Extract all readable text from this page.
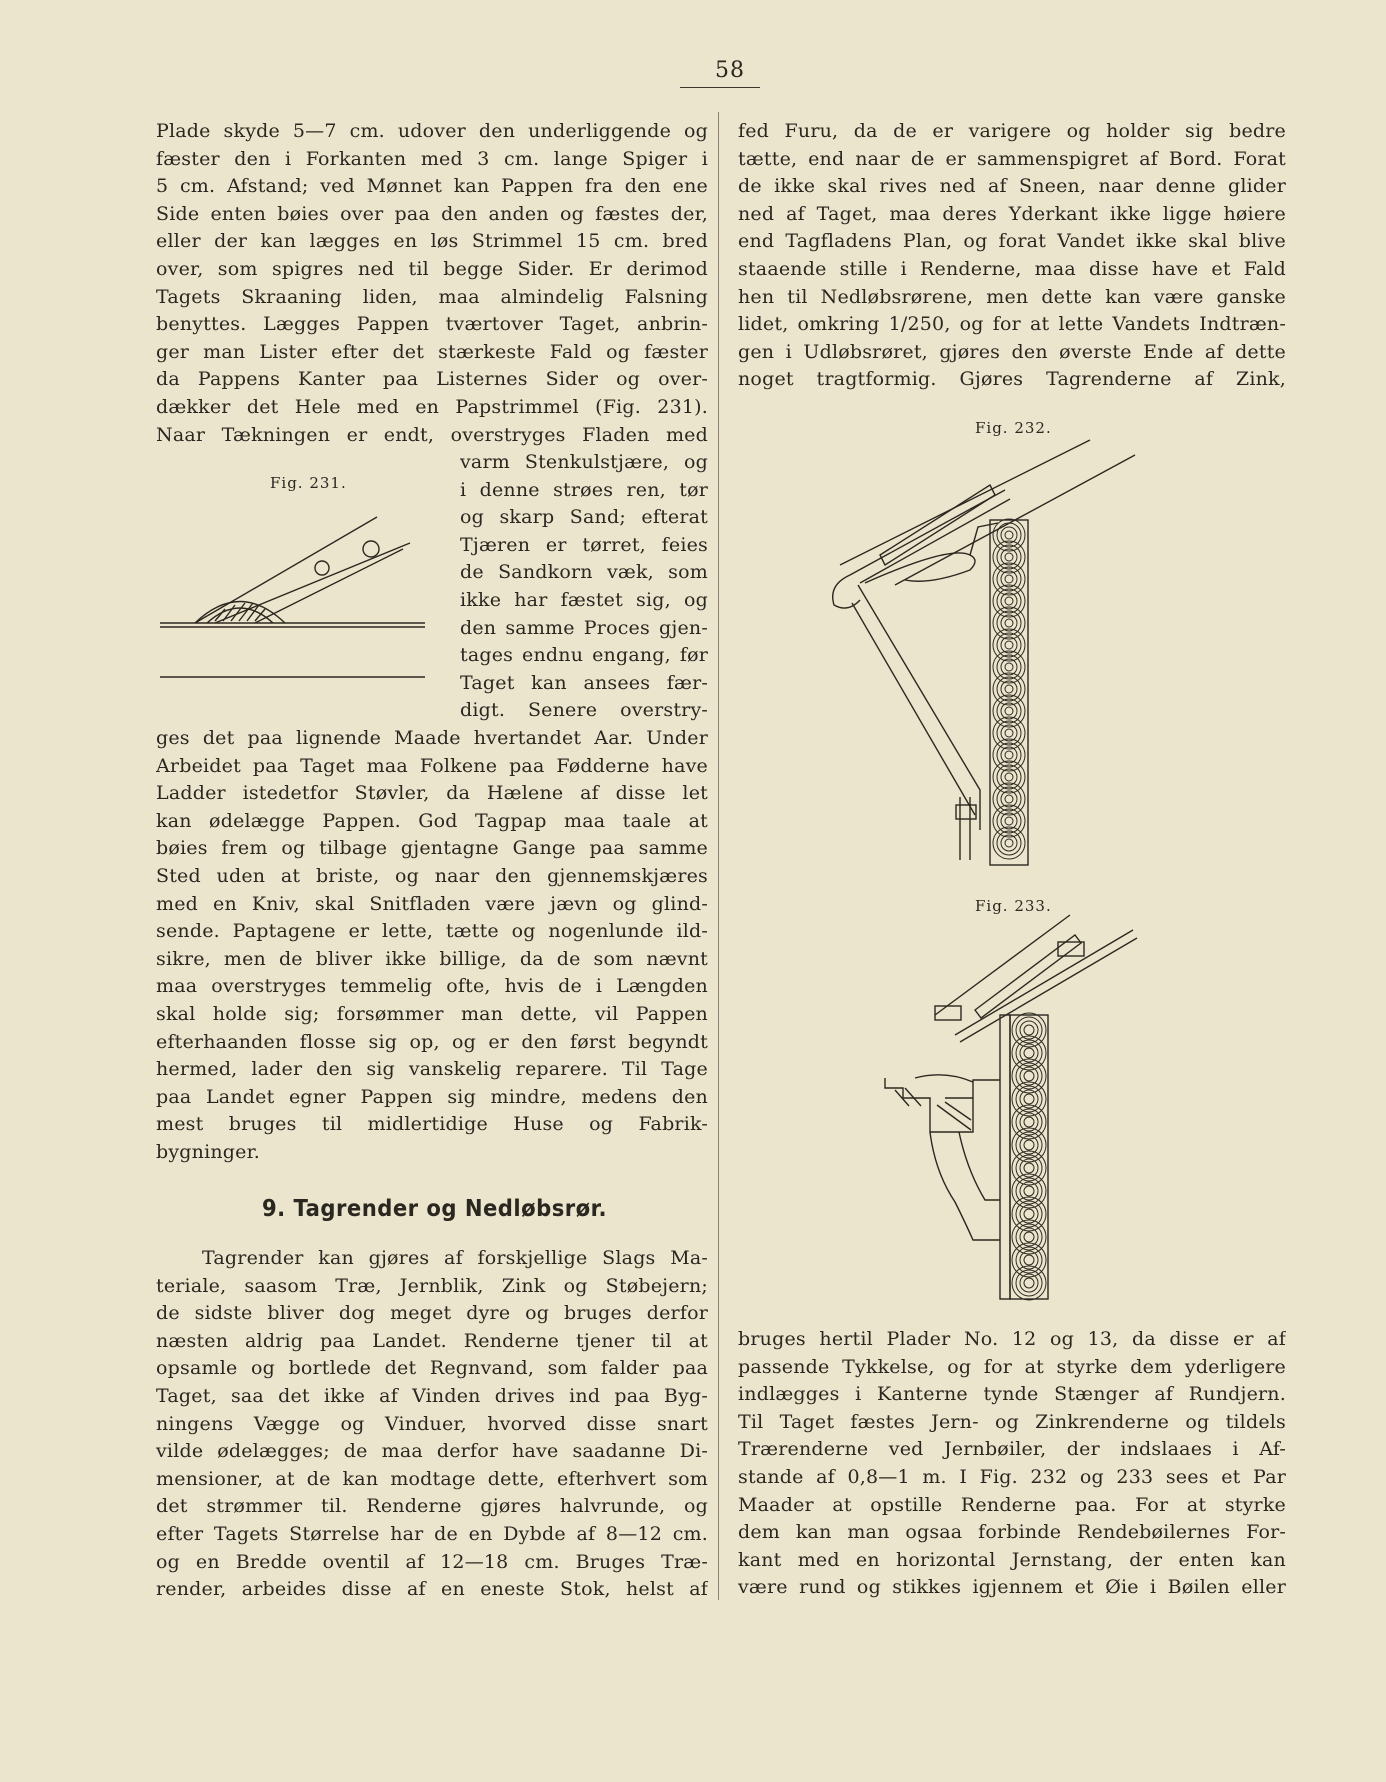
58
Plade skyde 5—7 cm. udover den underliggende og
fæster den i Forkanten med 3 cm. lange Spiger i
5 cm. Afstand; ved Mønnet kan Pappen fra den ene
Side enten bøies over paa den anden og fæstes der,
eller der kan lægges en løs Strimmel 15 cm. bred
over, som spigres ned til begge Sider. Er derimod
Tagets Skraaning liden, maa almindelig Falsning
benyttes. Lægges Pappen tværtover Taget, anbrin-
ger man Lister efter det stærkeste Fald og fæster
da Pappens Kanter paa Listernes Sider og over-
dækker det Hele med en Papstrimmel (Fig. 231).
Naar Tækningen er endt, overstryges Fladen med
varm Stenkulstjære, og
i denne strøes ren, tør
og skarp Sand; efterat
Tjæren er tørret, feies
de Sandkorn væk, som
ikke har fæstet sig, og
den samme Proces gjen-
tages endnu engang, før
Taget kan ansees fær-
digt. Senere overstry-
ges det paa lignende Maade hvertandet Aar. Under
Arbeidet paa Taget maa Folkene paa Fødderne have
Ladder istedetfor Støvler, da Hælene af disse let
kan ødelægge Pappen. God Tagpap maa taale at
bøies frem og tilbage gjentagne Gange paa samme
Sted uden at briste, og naar den gjennemskjæres
med en Kniv, skal Snitfladen være jævn og glind-
sende. Paptagene er lette, tætte og nogenlunde ild-
sikre, men de bliver ikke billige, da de som nævnt
maa overstryges temmelig ofte, hvis de i Længden
skal holde sig; forsømmer man dette, vil Pappen
efterhaanden flosse sig op, og er den først begyndt
hermed, lader den sig vanskelig reparere. Til Tage
paa Landet egner Pappen sig mindre, medens den
mest bruges til midlertidige Huse og Fabrik-
bygninger.
9. Tagrender og Nedløbsrør.
Tagrender kan gjøres af forskjellige Slags Ma-
teriale, saasom Træ, Jernblik, Zink og Støbejern;
de sidste bliver dog meget dyre og bruges derfor
næsten aldrig paa Landet. Renderne tjener til at
opsamle og bortlede det Regnvand, som falder paa
Taget, saa det ikke af Vinden drives ind paa Byg-
ningens Vægge og Vinduer, hvorved disse snart
vilde ødelægges; de maa derfor have saadanne Di-
mensioner, at de kan modtage dette, efterhvert som
det strømmer til. Renderne gjøres halvrunde, og
efter Tagets Størrelse har de en Dybde af 8—12 cm.
og en Bredde oventil af 12—18 cm. Bruges Træ-
render, arbeides disse af en eneste Stok, helst af
fed Furu, da de er varigere og holder sig bedre
tætte, end naar de er sammenspigret af Bord. Forat
de ikke skal rives ned af Sneen, naar denne glider
ned af Taget, maa deres Yderkant ikke ligge høiere
end Tagfladens Plan, og forat Vandet ikke skal blive
staaende stille i Renderne, maa disse have et Fald
hen til Nedløbsrørene, men dette kan være ganske
lidet, omkring 1/250, og for at lette Vandets Indtræn-
gen i Udløbsrøret, gjøres den øverste Ende af dette
noget tragtformig. Gjøres Tagrenderne af Zink,
bruges hertil Plader No. 12 og 13, da disse er af
passende Tykkelse, og for at styrke dem yderligere
indlægges i Kanterne tynde Stænger af Rundjern.
Til Taget fæstes Jern- og Zinkrenderne og tildels
Trærenderne ved Jernbøiler, der indslaaes i Af-
stande af 0,8—1 m. I Fig. 232 og 233 sees et Par
Maader at opstille Renderne paa. For at styrke
dem kan man ogsaa forbinde Rendebøilernes For-
kant med en horizontal Jernstang, der enten kan
være rund og stikkes igjennem et Øie i Bøilen eller
Fig. 231.
Fig. 232.
Fig. 233.
